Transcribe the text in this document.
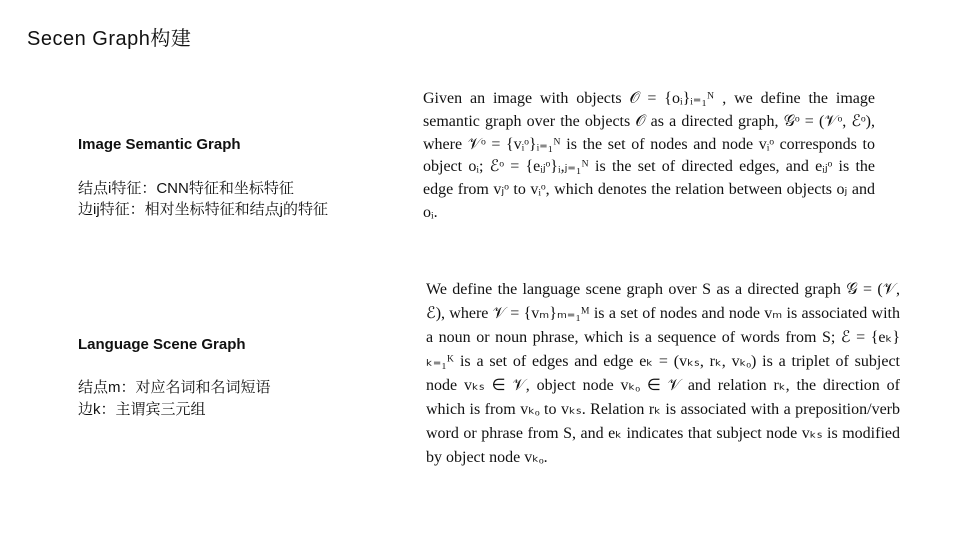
Secen Graph构建
Image Semantic Graph
结点i特征：CNN特征和坐标特征
边ij特征：相对坐标特征和结点j的特征
Language Scene Graph
结点m：对应名词和名词短语
边k：主谓宾三元组

Given an image with objects 𝒪 = {oᵢ}ᵢ₌₁ᴺ , we define the image semantic graph over the objects 𝒪 as a directed graph, 𝒢ᵒ = (𝒱ᵒ, ℰᵒ), where 𝒱ᵒ = {vᵢᵒ}ᵢ₌₁ᴺ is the set of nodes and node vᵢᵒ corresponds to object oᵢ; ℰᵒ = {eᵢⱼᵒ}ᵢ,ⱼ₌₁ᴺ is the set of directed edges, and eᵢⱼᵒ is the edge from vⱼᵒ to vᵢᵒ, which denotes the relation between objects oⱼ and oᵢ.

We define the language scene graph over S as a directed graph 𝒢 = (𝒱, ℰ), where 𝒱 = {vₘ}ₘ₌₁ᴹ is a set of nodes and node vₘ is associated with a noun or noun phrase, which is a sequence of words from S; ℰ = {eₖ}ₖ₌₁ᴷ is a set of edges and edge eₖ = (vₖₛ, rₖ, vₖₒ) is a triplet of subject node vₖₛ ∈ 𝒱, object node vₖₒ ∈ 𝒱 and relation rₖ, the direction of which is from vₖₒ to vₖₛ. Relation rₖ is associated with a preposition/verb word or phrase from S, and eₖ indicates that subject node vₖₛ is modified by object node vₖₒ.
